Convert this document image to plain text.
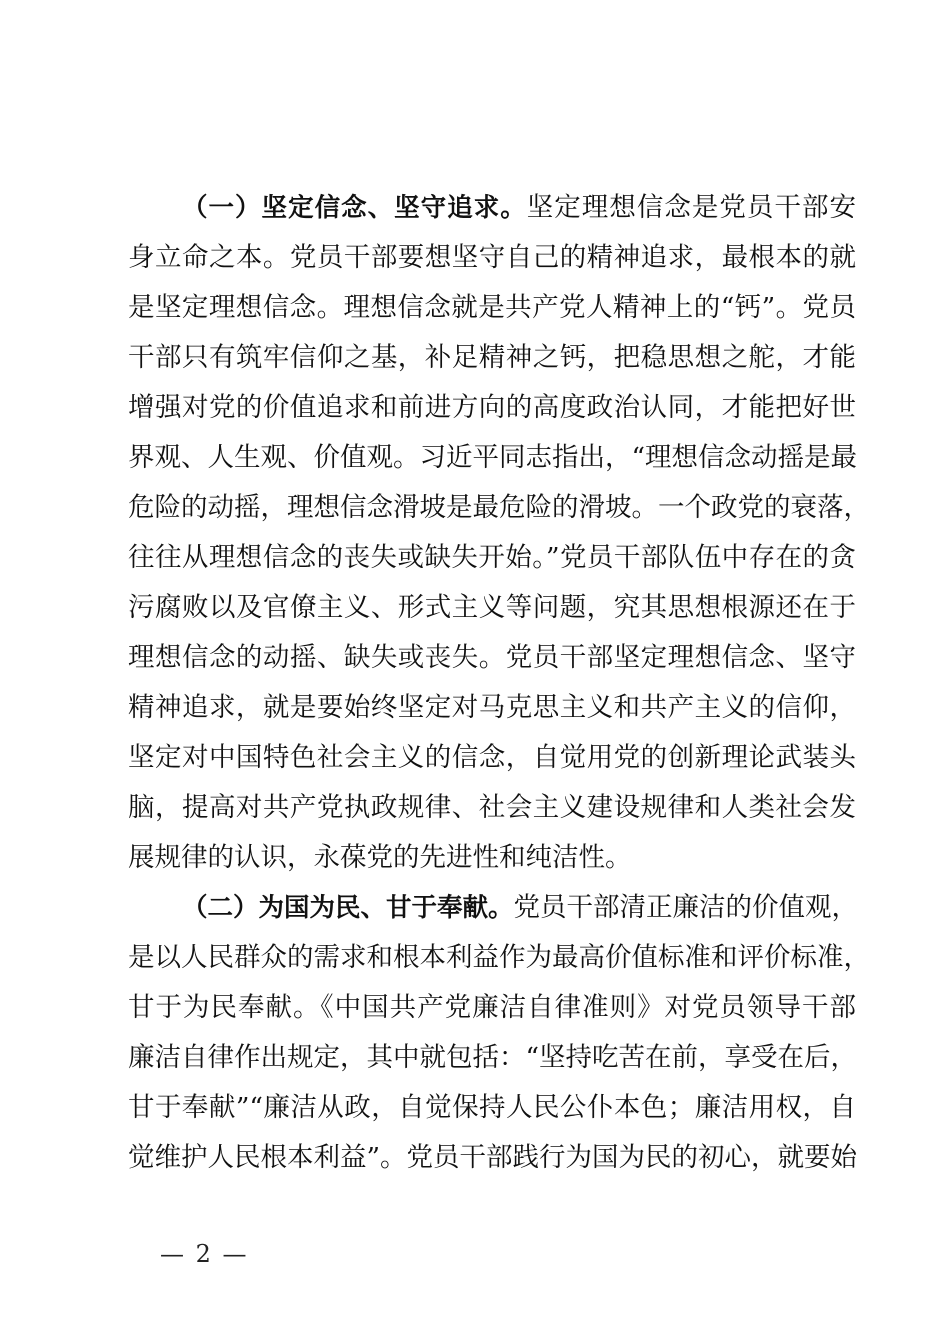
（一）坚定信念、坚守追求。坚定理想信念是党员干部安
身立命之本。党员干部要想坚守自己的精神追求，最根本的就
是坚定理想信念。理想信念就是共产党人精神上的“钙”。党员
干部只有筑牢信仰之基，补足精神之钙，把稳思想之舵，才能
增强对党的价值追求和前进方向的高度政治认同，才能把好世
界观、人生观、价值观。习近平同志指出，“理想信念动摇是最
危险的动摇，理想信念滑坡是最危险的滑坡。一个政党的衰落，
往往从理想信念的丧失或缺失开始。”党员干部队伍中存在的贪
污腐败以及官僚主义、形式主义等问题，究其思想根源还在于
理想信念的动摇、缺失或丧失。党员干部坚定理想信念、坚守
精神追求，就是要始终坚定对马克思主义和共产主义的信仰，
坚定对中国特色社会主义的信念，自觉用党的创新理论武装头
脑，提高对共产党执政规律、社会主义建设规律和人类社会发
展规律的认识，永葆党的先进性和纯洁性。
（二）为国为民、甘于奉献。党员干部清正廉洁的价值观，
是以人民群众的需求和根本利益作为最高价值标准和评价标准，
甘于为民奉献。《中国共产党廉洁自律准则》对党员领导干部
廉洁自律作出规定，其中就包括：“坚持吃苦在前，享受在后，
甘于奉献”“廉洁从政，自觉保持人民公仆本色；廉洁用权，自
觉维护人民根本利益”。党员干部践行为国为民的初心，就要始
— 2 —
